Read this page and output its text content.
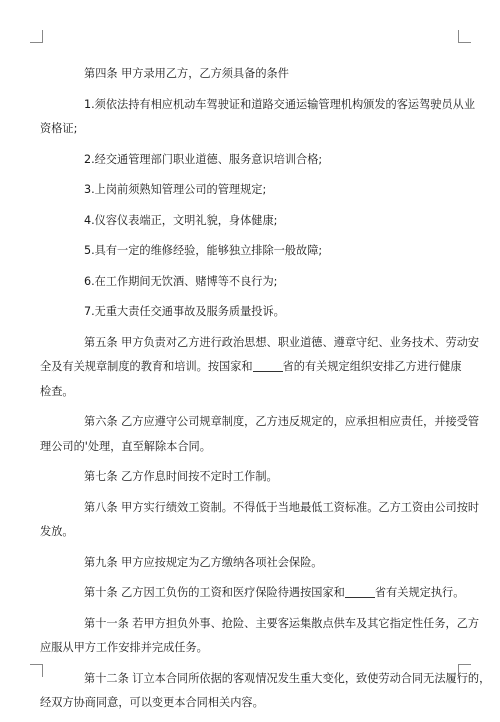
第四条 甲方录用乙方，乙方须具备的条件

1.须依法持有相应机动车驾驶证和道路交通运输管理机构颁发的客运驾驶员从业
资格证;

2.经交通管理部门职业道德、服务意识培训合格;

3.上岗前须熟知管理公司的管理规定;

4.仪容仪表端正，文明礼貌，身体健康;

5.具有一定的维修经验，能够独立排除一般故障;

6.在工作期间无饮酒、赌博等不良行为;

7.无重大责任交通事故及服务质量投诉。

第五条 甲方负责对乙方进行政治思想、职业道德、遵章守纪、业务技术、劳动安
全及有关规章制度的教育和培训。按国家和	省的有关规定组织安排乙方进行健康
检查。

第六条 乙方应遵守公司规章制度，乙方违反规定的，应承担相应责任，并接受管
理公司的'处理，直至解除本合同。

第七条 乙方作息时间按不定时工作制。

第八条 甲方实行绩效工资制。不得低于当地最低工资标准。乙方工资由公司按时
发放。

第九条 甲方应按规定为乙方缴纳各项社会保险。

第十条 乙方因工负伤的工资和医疗保险待遇按国家和	省有关规定执行。

第十一条 若甲方担负外事、抢险、主要客运集散点供车及其它指定性任务，乙方
应服从甲方工作安排并完成任务。

第十二条 订立本合同所依据的客观情况发生重大变化，致使劳动合同无法履行的，
经双方协商同意，可以变更本合同相关内容。
